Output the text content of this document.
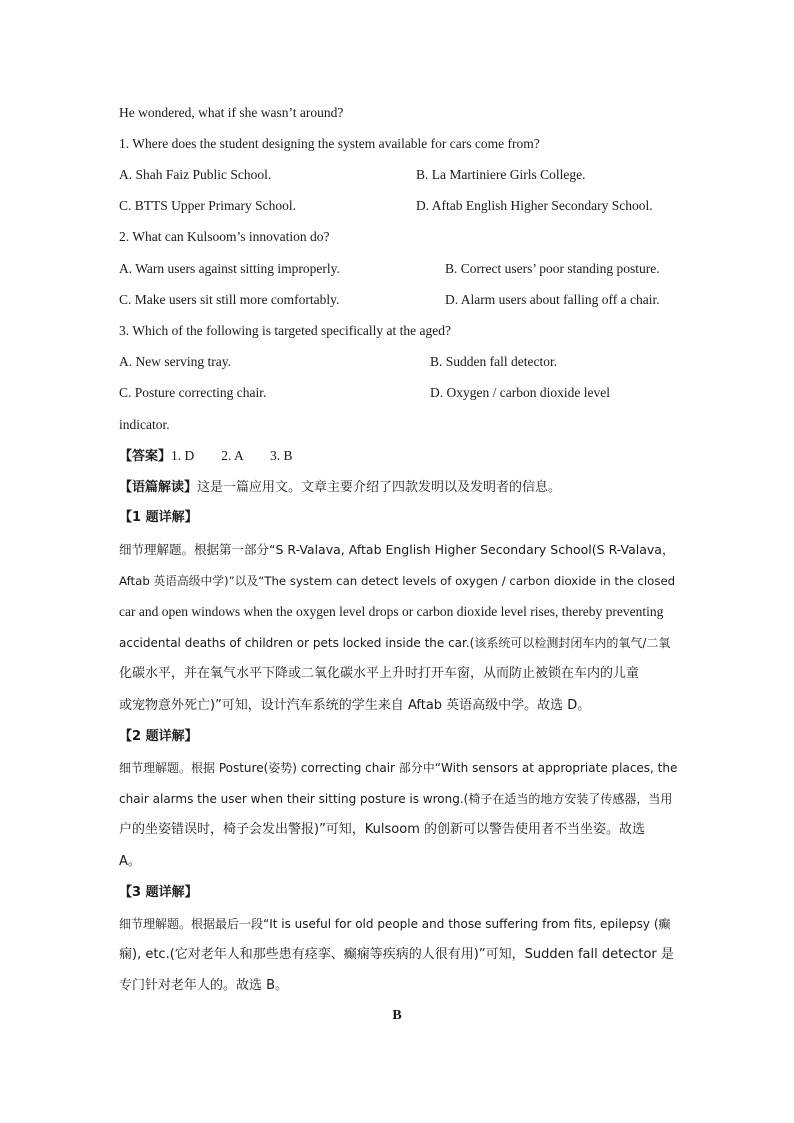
He wondered, what if she wasn’t around?
1. Where does the student designing the system available for cars come from?
A. Shah Faiz Public School.	B. La Martiniere Girls College.
C. BTTS Upper Primary School.	D. Aftab English Higher Secondary School.
2. What can Kulsoom’s innovation do?
A. Warn users against sitting improperly.	B. Correct users’ poor standing posture.
C. Make users sit still more comfortably.	D. Alarm users about falling off a chair.
3. Which of the following is targeted specifically at the aged?
A. New serving tray.	B. Sudden fall detector.
C. Posture correcting chair.	D. Oxygen / carbon dioxide level
indicator.
【答案】1. D        2. A        3. B
【语篇解读】这是一篇应用文。文章主要介绍了四款发明以及发明者的信息。
【1 题详解】
细节理解题。根据第一部分“S R-Valava, Aftab English Higher Secondary School(S R-Valava，
Aftab 英语高级中学)”以及“The system can detect levels of oxygen / carbon dioxide in the closed
car and open windows when the oxygen level drops or carbon dioxide level rises, thereby preventing
accidental deaths of children or pets locked inside the car.(该系统可以检测封闭车内的氧气/二氧
化碳水平，并在氧气水平下降或二氧化碳水平上升时打开车窗，从而防止被锁在车内的儿童
或宠物意外死亡)”可知，设计汽车系统的学生来自 Aftab 英语高级中学。故选 D。
【2 题详解】
细节理解题。根据 Posture(姿势) correcting chair 部分中“With sensors at appropriate places, the
chair alarms the user when their sitting posture is wrong.(椅子在适当的地方安装了传感器，当用
户的坐姿错误时，椅子会发出警报)”可知，Kulsoom 的创新可以警告使用者不当坐姿。故选
A。
【3 题详解】
细节理解题。根据最后一段“It is useful for old people and those suffering from fits, epilepsy (癫
痫), etc.(它对老年人和那些患有痉挛、癫痫等疾病的人很有用)”可知，Sudden fall detector 是
专门针对老年人的。故选 B。
B
